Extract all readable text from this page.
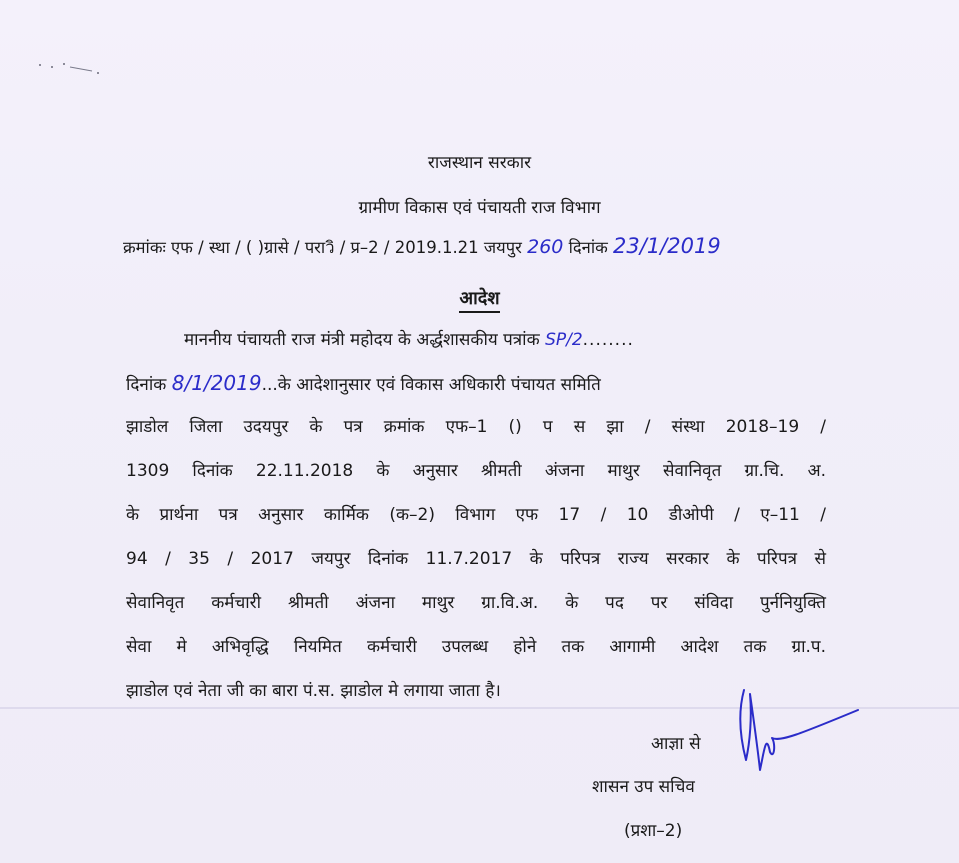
राजस्थान सरकार
ग्रामीण विकास एवं पंचायती राज विभाग
क्रमांकः एफ / स्था / ( )ग्रासे / पराวิ / प्र–2 / 2019.1.21 जयपुर 260 दिनांक 23/1/2019
आदेश
माननीय पंचायती राज मंत्री महोदय के अर्द्धशासकीय पत्रांक SP/2........
दिनांक 8/1/2019...के आदेशानुसार एवं विकास अधिकारी पंचायत समिति
झाडोल जिला उदयपुर के पत्र क्रमांक एफ–1 () प स झा / संस्था 2018–19 /
1309 दिनांक 22.11.2018 के अनुसार श्रीमती अंजना माथुर सेवानिवृत ग्रा.चि. अ.
के प्रार्थना पत्र अनुसार कार्मिक (क–2) विभाग एफ 17 / 10 डीओपी / ए–11 /
94 / 35 / 2017 जयपुर दिनांक 11.7.2017 के परिपत्र राज्य सरकार के परिपत्र से
सेवानिवृत कर्मचारी श्रीमती अंजना माथुर ग्रा.वि.अ. के पद पर संविदा पुर्ननियुक्ति
सेवा मे अभिवृद्धि नियमित कर्मचारी उपलब्ध होने तक आगामी आदेश तक ग्रा.प.
झाडोल एवं नेता जी का बारा पं.स. झाडोल मे लगाया जाता है।
आज्ञा से
शासन उप सचिव
(प्रशा–2)
